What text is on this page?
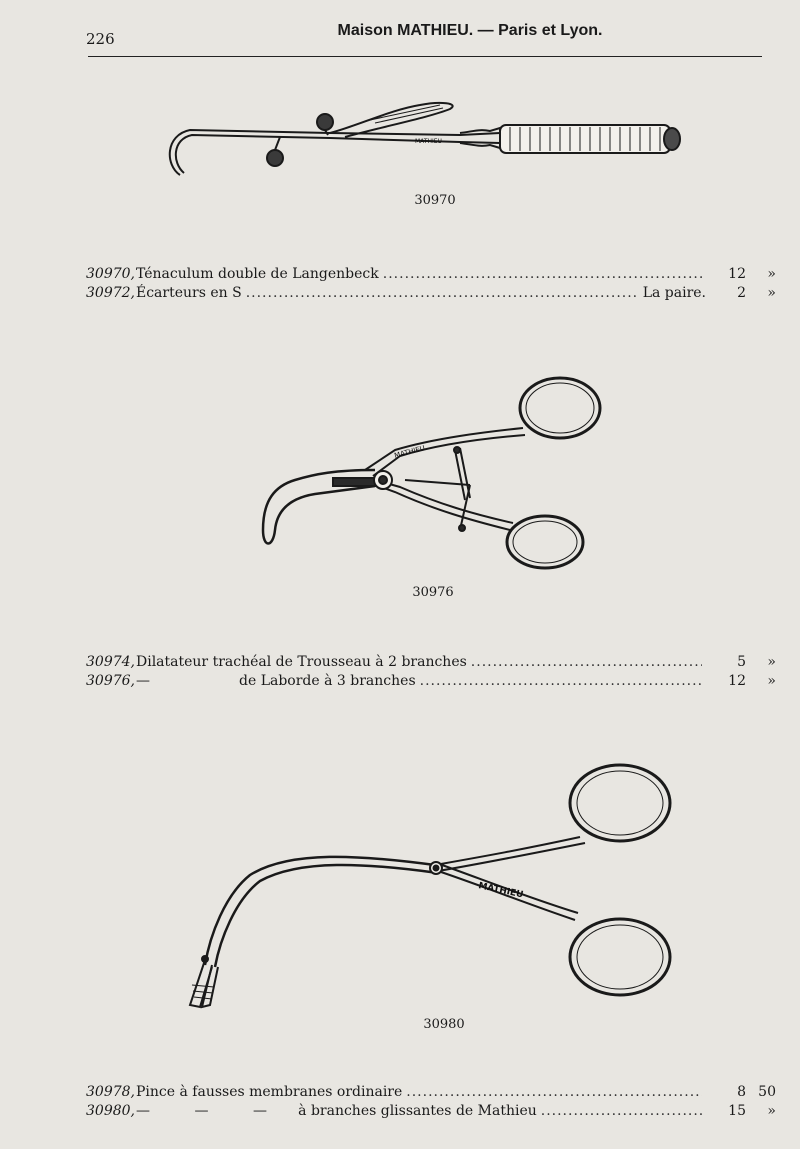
226	Maison MATHIEU. — Paris et Lyon.
MATHIEU
30970
30970, Ténaculum double de Langenbeck .....	12	»
30972, Écarteurs en S .....	La paire.	2	»
MATHIEU
30976
30974, Dilatateur trachéal de Trousseau à 2 branches .....	5	»
30976, —                    de Laborde à 3 branches .....	12	»
MATHIEU
30980
30978, Pince à fausses membranes ordinaire .....	8 50
30980, —          —          —       à branches glissantes de Mathieu .....	15	»
